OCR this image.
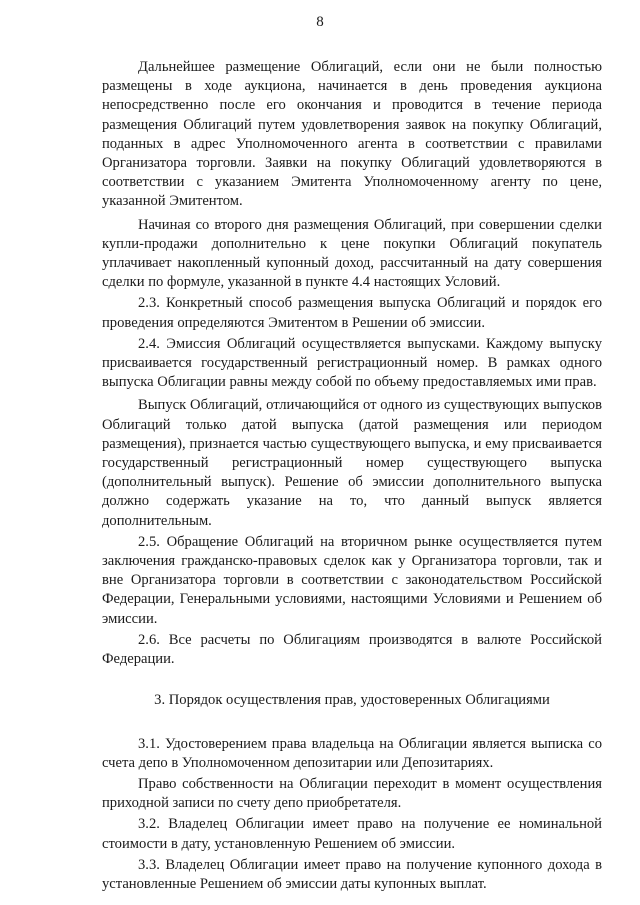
8

Дальнейшее размещение Облигаций, если они не были полностью размещены в ходе аукциона, начинается в день проведения аукциона непосредственно после его окончания и проводится в течение периода размещения Облигаций путем удовлетворения заявок на покупку Облигаций, поданных в адрес Уполномоченного агента в соответствии с правилами Организатора торговли. Заявки на покупку Облигаций удовлетворяются в соответствии с указанием Эмитента Уполномоченному агенту по цене, указанной Эмитентом.

Начиная со второго дня размещения Облигаций, при совершении сделки купли-продажи дополнительно к цене покупки Облигаций покупатель уплачивает накопленный купонный доход, рассчитанный на дату совершения сделки по формуле, указанной в пункте 4.4 настоящих Условий.

2.3. Конкретный способ размещения выпуска Облигаций и порядок его проведения определяются Эмитентом в Решении об эмиссии.

2.4. Эмиссия Облигаций осуществляется выпусками. Каждому выпуску присваивается государственный регистрационный номер. В рамках одного выпуска Облигации равны между собой по объему предоставляемых ими прав.

Выпуск Облигаций, отличающийся от одного из существующих выпусков Облигаций только датой выпуска (датой размещения или периодом размещения), признается частью существующего выпуска, и ему присваивается государственный регистрационный номер существующего выпуска (дополнительный выпуск). Решение об эмиссии дополнительного выпуска должно содержать указание на то, что данный выпуск является дополнительным.

2.5. Обращение Облигаций на вторичном рынке осуществляется путем заключения гражданско-правовых сделок как у Организатора торговли, так и вне Организатора торговли в соответствии с законодательством Российской Федерации, Генеральными условиями, настоящими Условиями и Решением об эмиссии.

2.6. Все расчеты по Облигациям производятся в валюте Российской Федерации.

3. Порядок осуществления прав, удостоверенных Облигациями

3.1. Удостоверением права владельца на Облигации является выписка со счета депо в Уполномоченном депозитарии или Депозитариях.

Право собственности на Облигации переходит в момент осуществления приходной записи по счету депо приобретателя.

3.2. Владелец Облигации имеет право на получение ее номинальной стоимости в дату, установленную Решением об эмиссии.

3.3. Владелец Облигации имеет право на получение купонного дохода в установленные Решением об эмиссии даты купонных выплат.
